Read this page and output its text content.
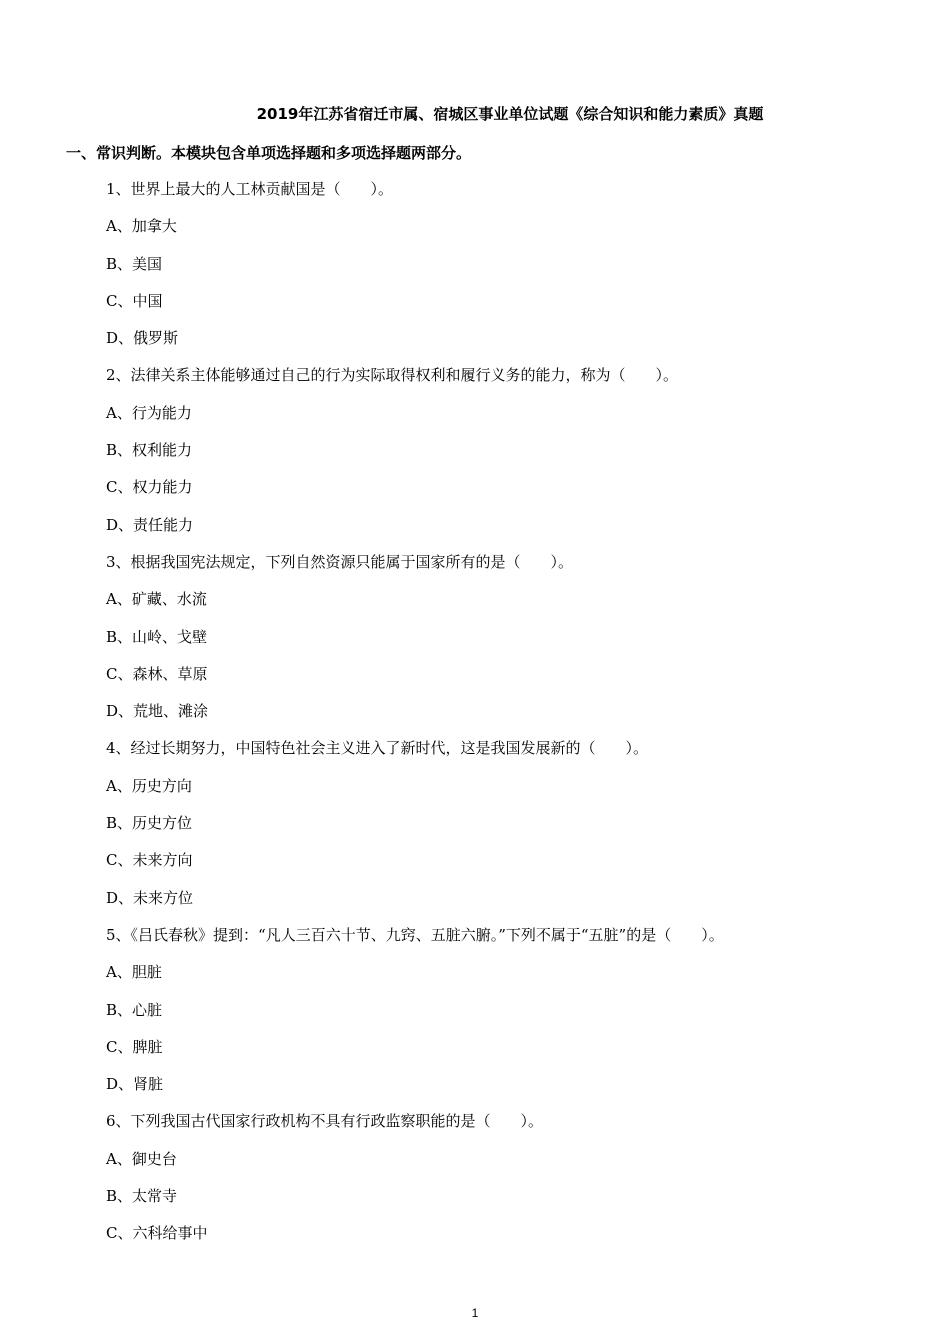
2019年江苏省宿迁市属、宿城区事业单位试题《综合知识和能力素质》真题
一、常识判断。本模块包含单项选择题和多项选择题两部分。
1、世界上最大的人工林贡献国是（　　）。
A、加拿大
B、美国
C、中国
D、俄罗斯
2、法律关系主体能够通过自己的行为实际取得权利和履行义务的能力，称为（　　）。
A、行为能力
B、权利能力
C、权力能力
D、责任能力
3、根据我国宪法规定，下列自然资源只能属于国家所有的是（　　）。
A、矿藏、水流
B、山岭、戈壁
C、森林、草原
D、荒地、滩涂
4、经过长期努力，中国特色社会主义进入了新时代，这是我国发展新的（　　）。
A、历史方向
B、历史方位
C、未来方向
D、未来方位
5、《吕氏春秋》提到：“凡人三百六十节、九窍、五脏六腑。”下列不属于“五脏”的是（　　）。
A、胆脏
B、心脏
C、脾脏
D、肾脏
6、下列我国古代国家行政机构不具有行政监察职能的是（　　）。
A、御史台
B、太常寺
C、六科给事中
1
